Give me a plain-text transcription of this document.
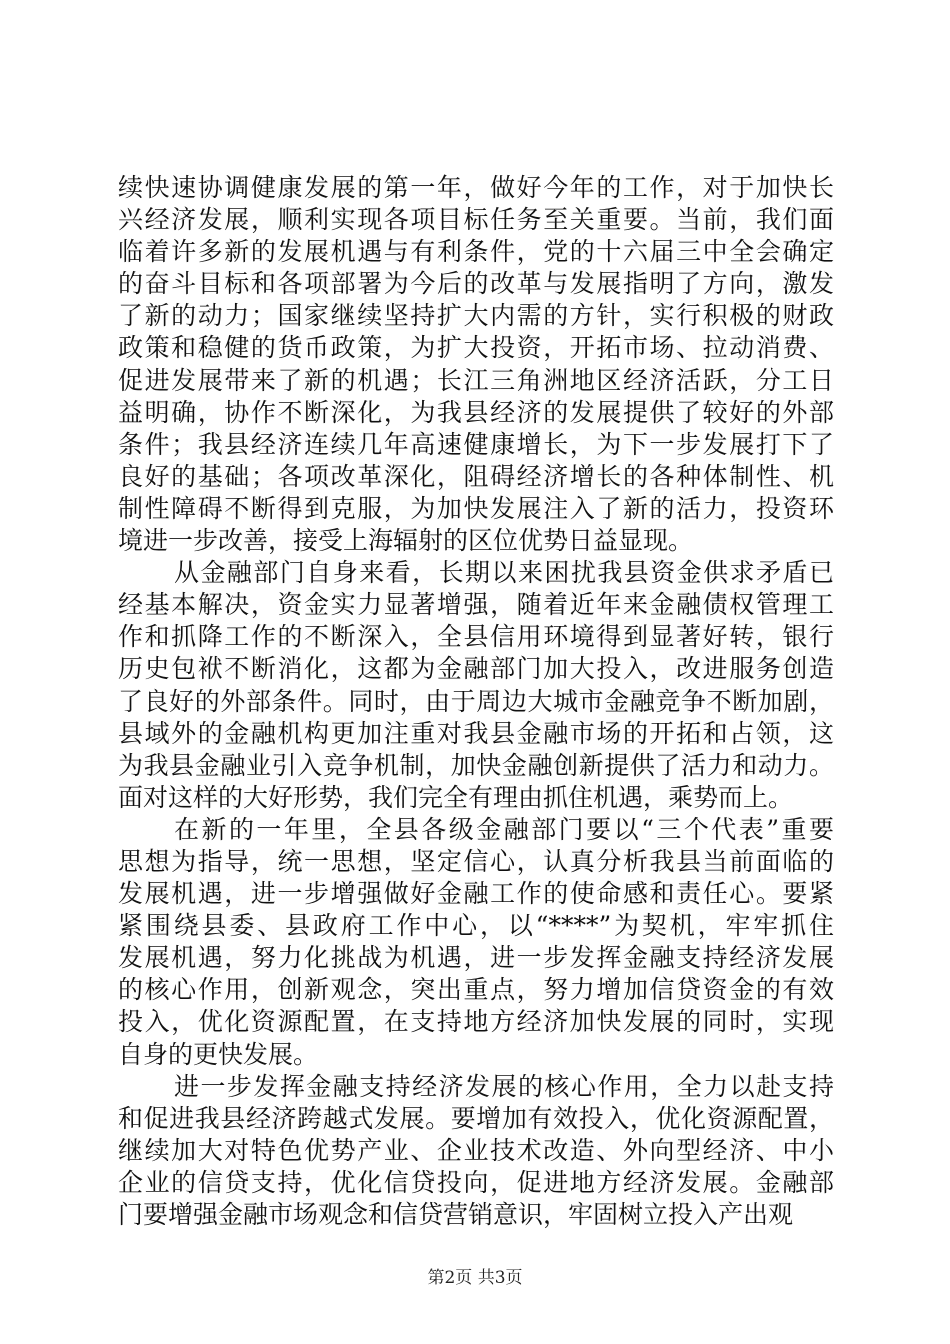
续快速协调健康发展的第一年，做好今年的工作，对于加快长
兴经济发展，顺利实现各项目标任务至关重要。当前，我们面
临着许多新的发展机遇与有利条件，党的十六届三中全会确定
的奋斗目标和各项部署为今后的改革与发展指明了方向，激发
了新的动力；国家继续坚持扩大内需的方针，实行积极的财政
政策和稳健的货币政策，为扩大投资，开拓市场、拉动消费、
促进发展带来了新的机遇；长江三角洲地区经济活跃，分工日
益明确，协作不断深化，为我县经济的发展提供了较好的外部
条件；我县经济连续几年高速健康增长，为下一步发展打下了
良好的基础；各项改革深化，阻碍经济增长的各种体制性、机
制性障碍不断得到克服，为加快发展注入了新的活力，投资环
境进一步改善，接受上海辐射的区位优势日益显现。
从金融部门自身来看，长期以来困扰我县资金供求矛盾已
经基本解决，资金实力显著增强，随着近年来金融债权管理工
作和抓降工作的不断深入，全县信用环境得到显著好转，银行
历史包袱不断消化，这都为金融部门加大投入，改进服务创造
了良好的外部条件。同时，由于周边大城市金融竞争不断加剧，
县域外的金融机构更加注重对我县金融市场的开拓和占领，这
为我县金融业引入竞争机制，加快金融创新提供了活力和动力。
面对这样的大好形势，我们完全有理由抓住机遇，乘势而上。
在新的一年里，全县各级金融部门要以“三个代表”重要
思想为指导，统一思想，坚定信心，认真分析我县当前面临的
发展机遇，进一步增强做好金融工作的使命感和责任心。要紧
紧围绕县委、县政府工作中心，以“****”为契机，牢牢抓住
发展机遇，努力化挑战为机遇，进一步发挥金融支持经济发展
的核心作用，创新观念，突出重点，努力增加信贷资金的有效
投入，优化资源配置，在支持地方经济加快发展的同时，实现
自身的更快发展。
进一步发挥金融支持经济发展的核心作用，全力以赴支持
和促进我县经济跨越式发展。要增加有效投入，优化资源配置，
继续加大对特色优势产业、企业技术改造、外向型经济、中小
企业的信贷支持，优化信贷投向，促进地方经济发展。金融部
门要增强金融市场观念和信贷营销意识，牢固树立投入产出观
第2页 共3页
